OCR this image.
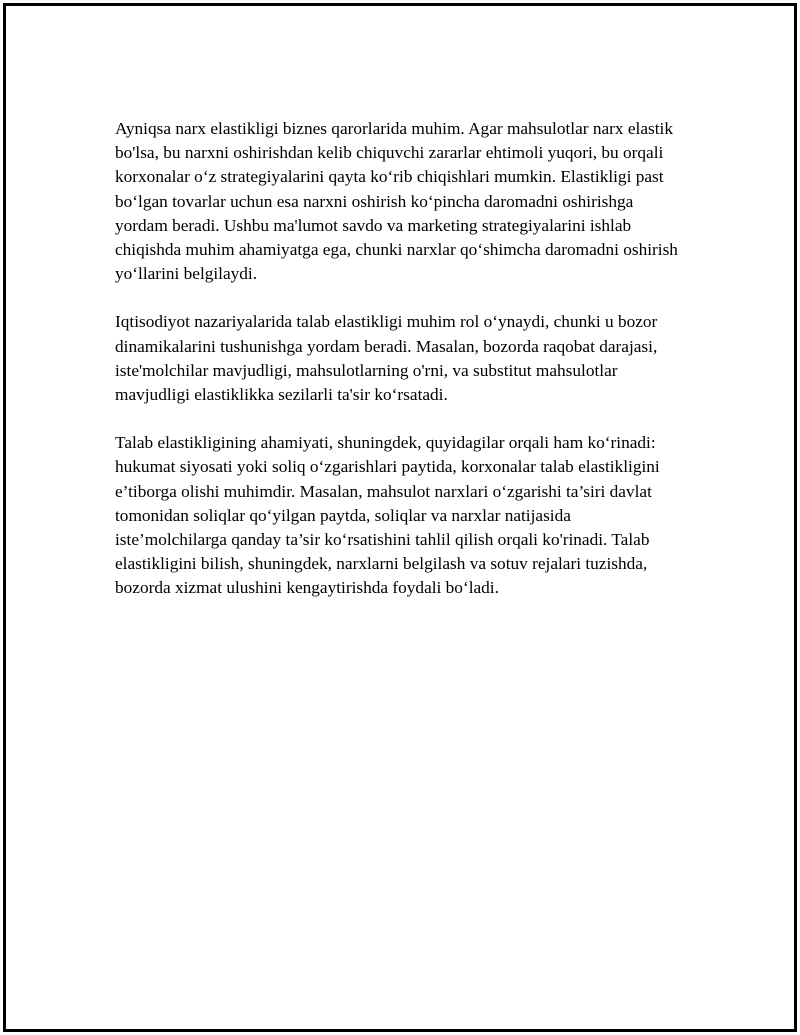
Ayniqsa narx elastikligi biznes qarorlarida muhim. Agar mahsulotlar narx elastik bo'lsa, bu narxni oshirishdan kelib chiquvchi zararlar ehtimoli yuqori, bu orqali korxonalar o‘z strategiyalarini qayta ko‘rib chiqishlari mumkin. Elastikligi past bo‘lgan tovarlar uchun esa narxni oshirish ko‘pincha daromadni oshirishga yordam beradi. Ushbu ma'lumot savdo va marketing strategiyalarini ishlab chiqishda muhim ahamiyatga ega, chunki narxlar qo‘shimcha daromadni oshirish yo‘llarini belgilaydi.

Iqtisodiyot nazariyalarida talab elastikligi muhim rol o‘ynaydi, chunki u bozor dinamikalarini tushunishga yordam beradi. Masalan, bozorda raqobat darajasi, iste'molchilar mavjudligi, mahsulotlarning o'rni, va substitut mahsulotlar mavjudligi elastiklikka sezilarli ta'sir ko‘rsatadi.

Talab elastikligining ahamiyati, shuningdek, quyidagilar orqali ham ko‘rinadi: hukumat siyosati yoki soliq o‘zgarishlari paytida, korxonalar talab elastikligini e’tiborga olishi muhimdir. Masalan, mahsulot narxlari o‘zgarishi ta’siri davlat tomonidan soliqlar qo‘yilgan paytda, soliqlar va narxlar natijasida iste’molchilarga qanday ta’sir ko‘rsatishini tahlil qilish orqali ko'rinadi. Talab elastikligini bilish, shuningdek, narxlarni belgilash va sotuv rejalari tuzishda, bozorda xizmat ulushini kengaytirishda foydali bo‘ladi.
